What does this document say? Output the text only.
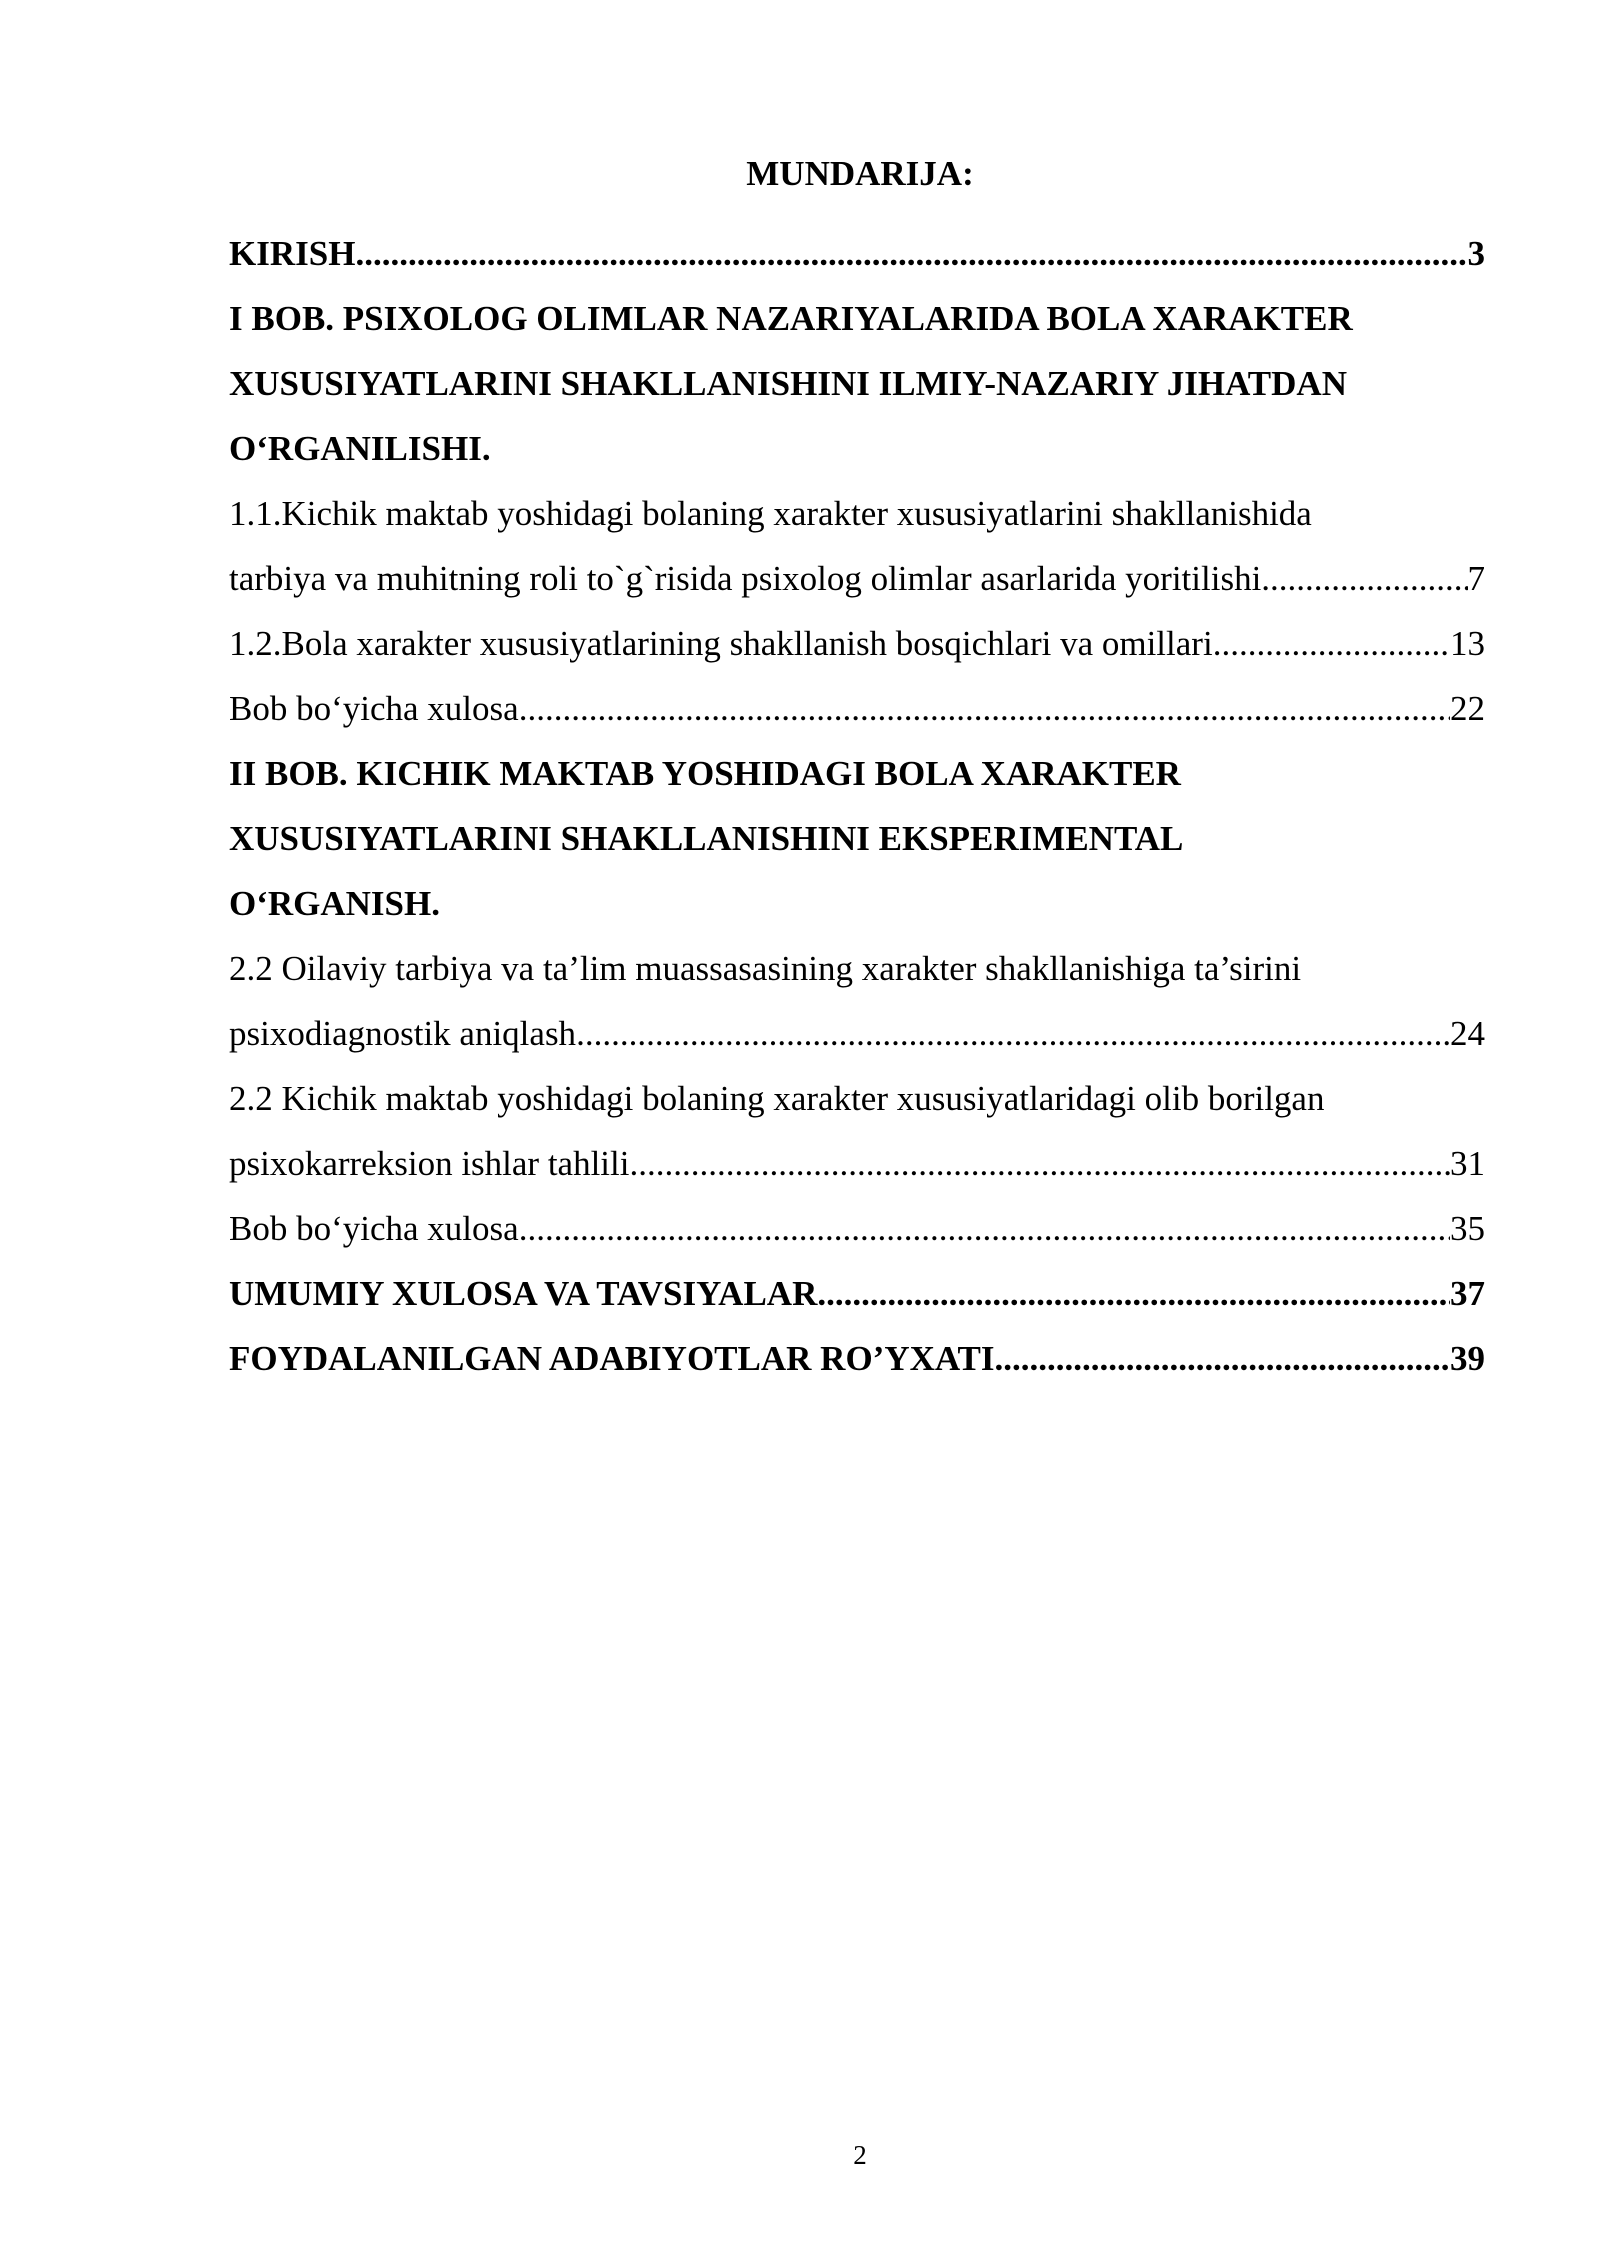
MUNDARIJA:
KIRISH .....	3
I BOB. PSIXOLOG OLIMLAR NAZARIYALARIDA BOLA XARAKTER
XUSUSIYATLARINI SHAKLLANISHINI ILMIY-NAZARIY JIHATDAN
O‘RGANILISHI.
1.1.Kichik maktab yoshidagi bolaning xarakter xususiyatlarini shakllanishida
tarbiya va muhitning roli to`g`risida psixolog olimlar asarlarida yoritilishi .....	7
1.2.Bola xarakter xususiyatlarining shakllanish bosqichlari va omillari .....	13
Bob bo‘yicha xulosa .....	22
II BOB. KICHIK MAKTAB YOSHIDAGI BOLA XARAKTER
XUSUSIYATLARINI SHAKLLANISHINI EKSPERIMENTAL
O‘RGANISH.
2.2 Oilaviy tarbiya va ta’lim muassasasining xarakter shakllanishiga ta’sirini
psixodiagnostik aniqlash .....	24
2.2 Kichik maktab yoshidagi bolaning xarakter xususiyatlaridagi olib borilgan
psixokarreksion ishlar tahlili .....	31
Bob bo‘yicha xulosa .....	35
UMUMIY XULOSA VA TAVSIYALAR .....	37
FOYDALANILGAN ADABIYOTLAR RO’YXATI .....	39
2
